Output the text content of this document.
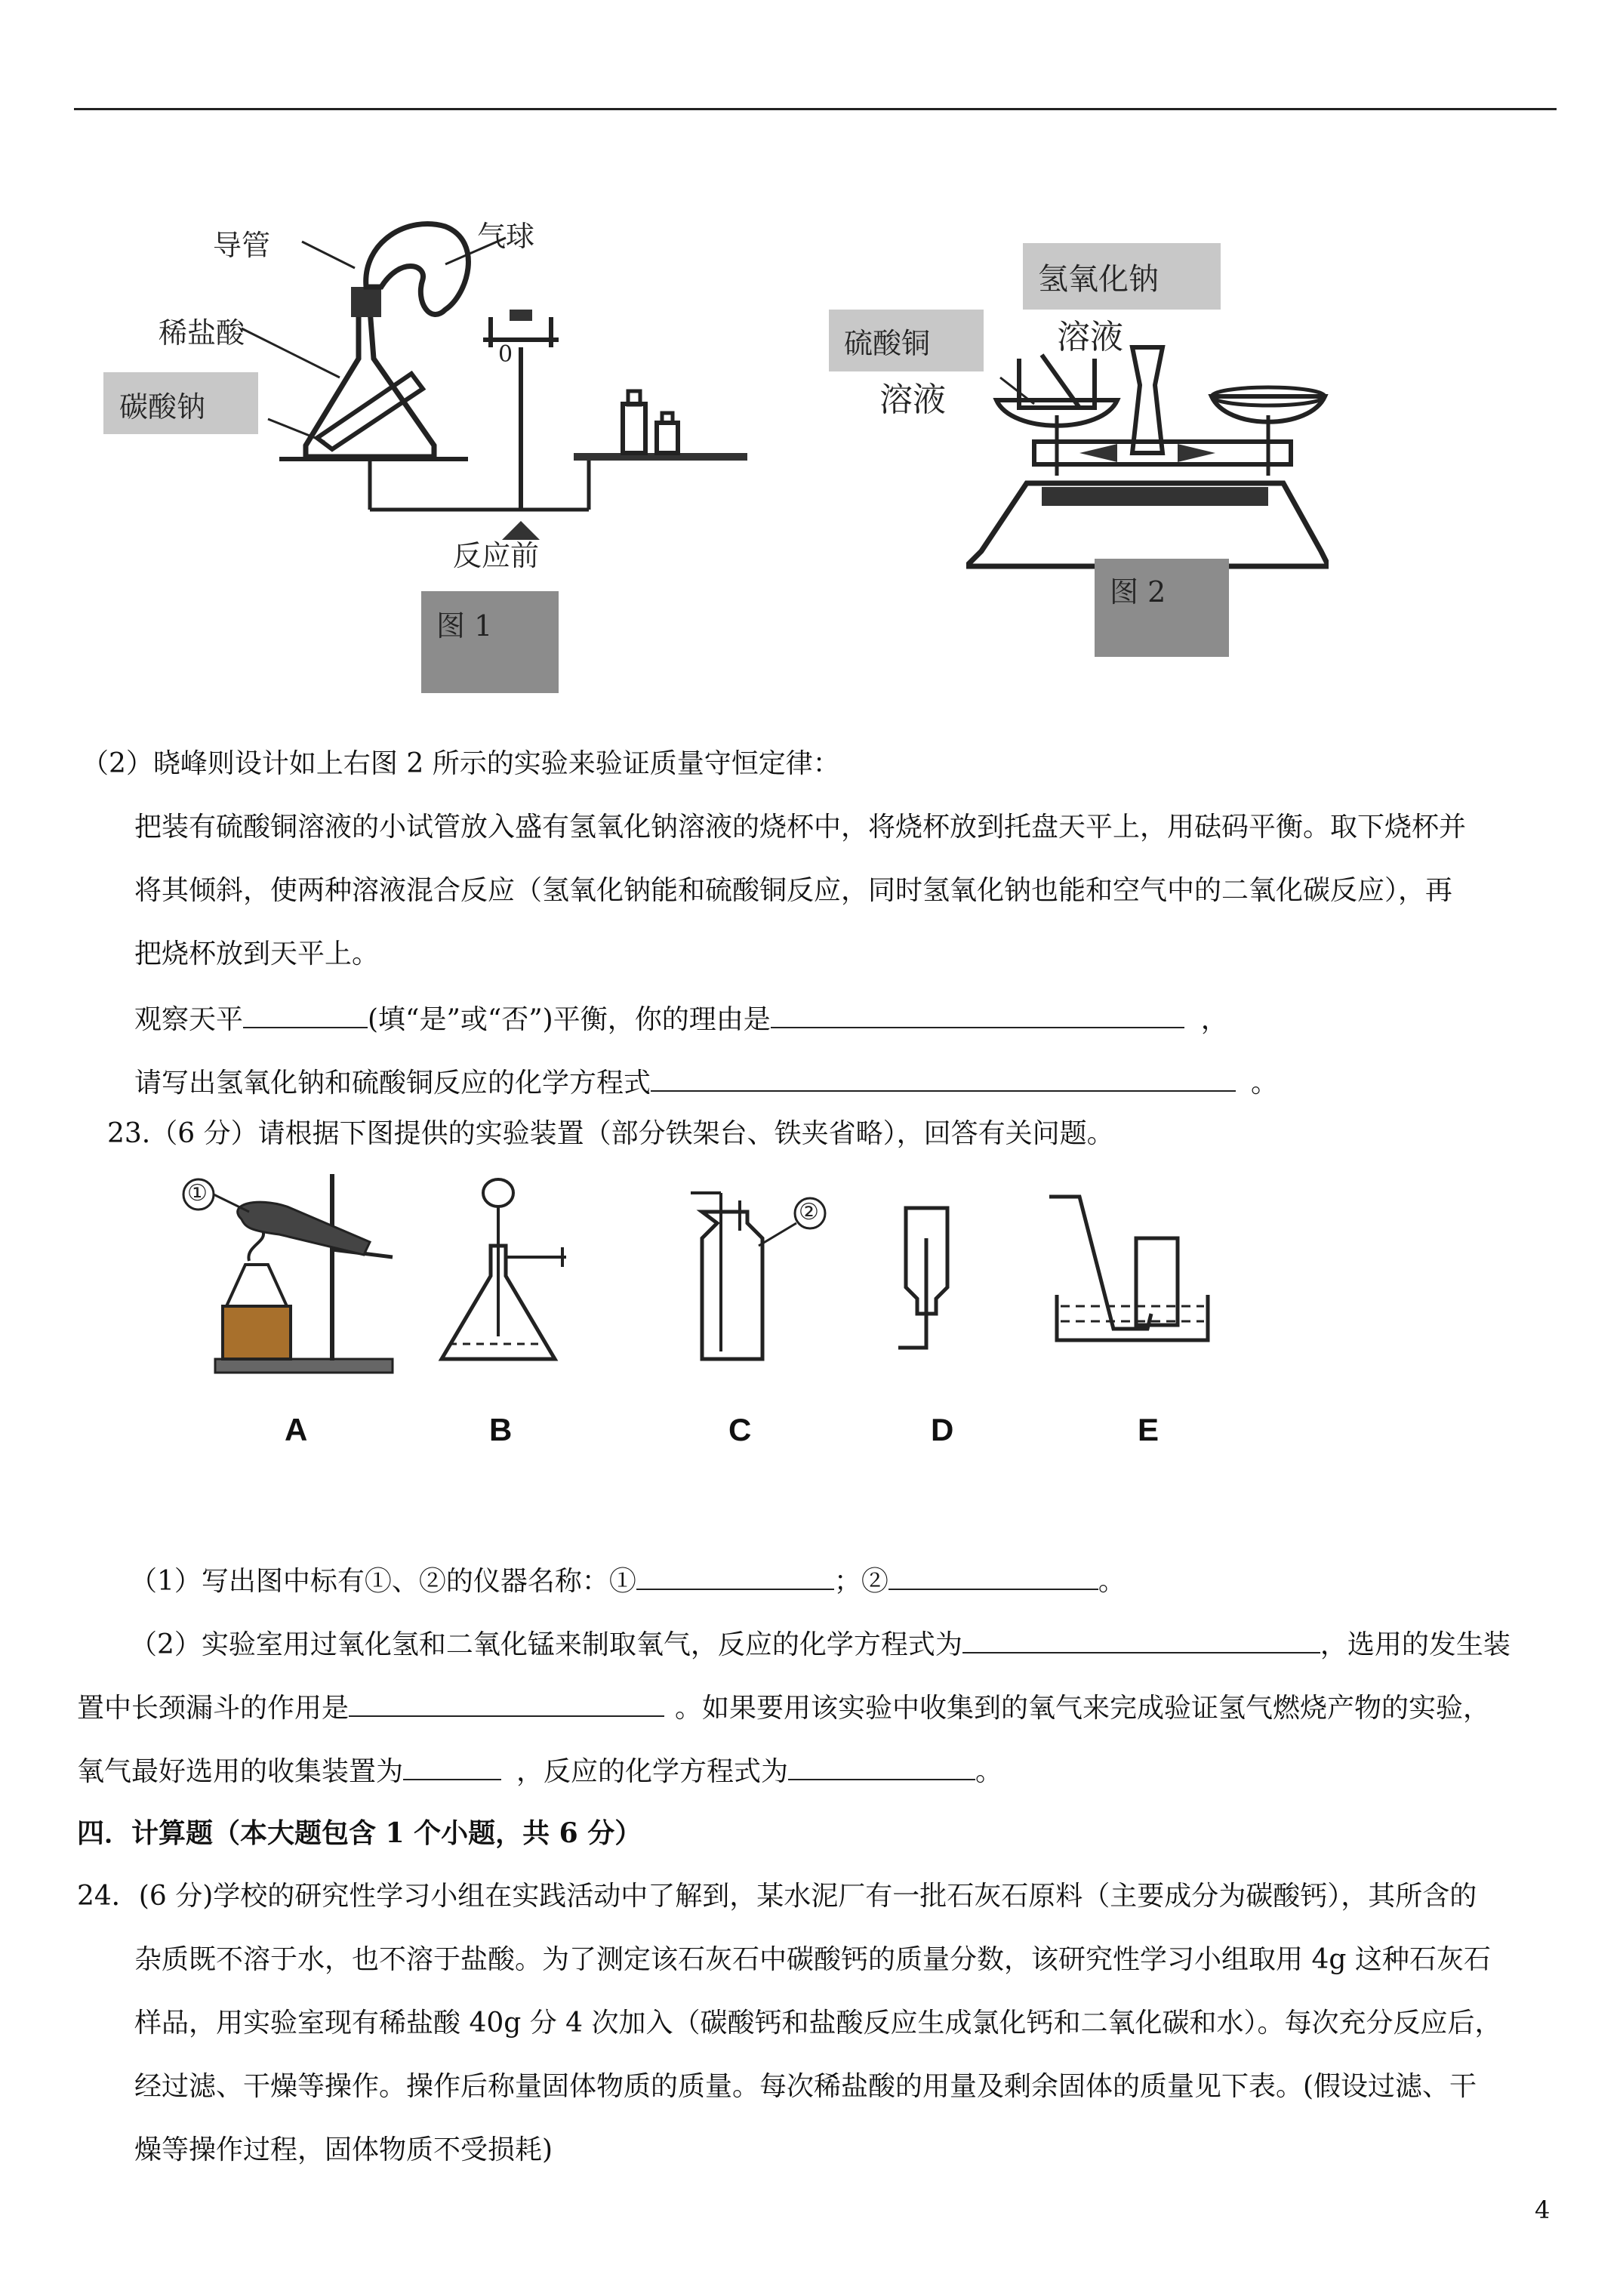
导管	气球
稀盐酸
碳酸钠
0
反应前
图 1
氢氧化钠
溶液
硫酸铜
溶液
图 2
（2）晓峰则设计如上右图 2 所示的实验来验证质量守恒定律：
把装有硫酸铜溶液的小试管放入盛有氢氧化钠溶液的烧杯中，将烧杯放到托盘天平上，用砝码平衡。取下烧杯并
将其倾斜，使两种溶液混合反应（氢氧化钠能和硫酸铜反应，同时氢氧化钠也能和空气中的二氧化碳反应），再
把烧杯放到天平上。
观察天平	(填“是”或“否”)平衡，你的理由是	，
请写出氢氧化钠和硫酸铜反应的化学方程式	。
23.（6 分）请根据下图提供的实验装置（部分铁架台、铁夹省略），回答有关问题。
①
②
A	B	C	D	E
（1）写出图中标有①、②的仪器名称：①	；②	。
（2）实验室用过氧化氢和二氧化锰来制取氧气，反应的化学方程式为	，选用的发生装
置中长颈漏斗的作用是	。如果要用该实验中收集到的氧气来完成验证氢气燃烧产物的实验，
氧气最好选用的收集装置为	，反应的化学方程式为	。
四．计算题（本大题包含 1 个小题，共 6 分）
24．(6 分)学校的研究性学习小组在实践活动中了解到，某水泥厂有一批石灰石原料（主要成分为碳酸钙），其所含的
杂质既不溶于水，也不溶于盐酸。为了测定该石灰石中碳酸钙的质量分数，该研究性学习小组取用 4g 这种石灰石
样品，用实验室现有稀盐酸 40g 分 4 次加入（碳酸钙和盐酸反应生成氯化钙和二氧化碳和水）。每次充分反应后，
经过滤、干燥等操作。操作后称量固体物质的质量。每次稀盐酸的用量及剩余固体的质量见下表。(假设过滤、干
燥等操作过程，固体物质不受损耗)
4
